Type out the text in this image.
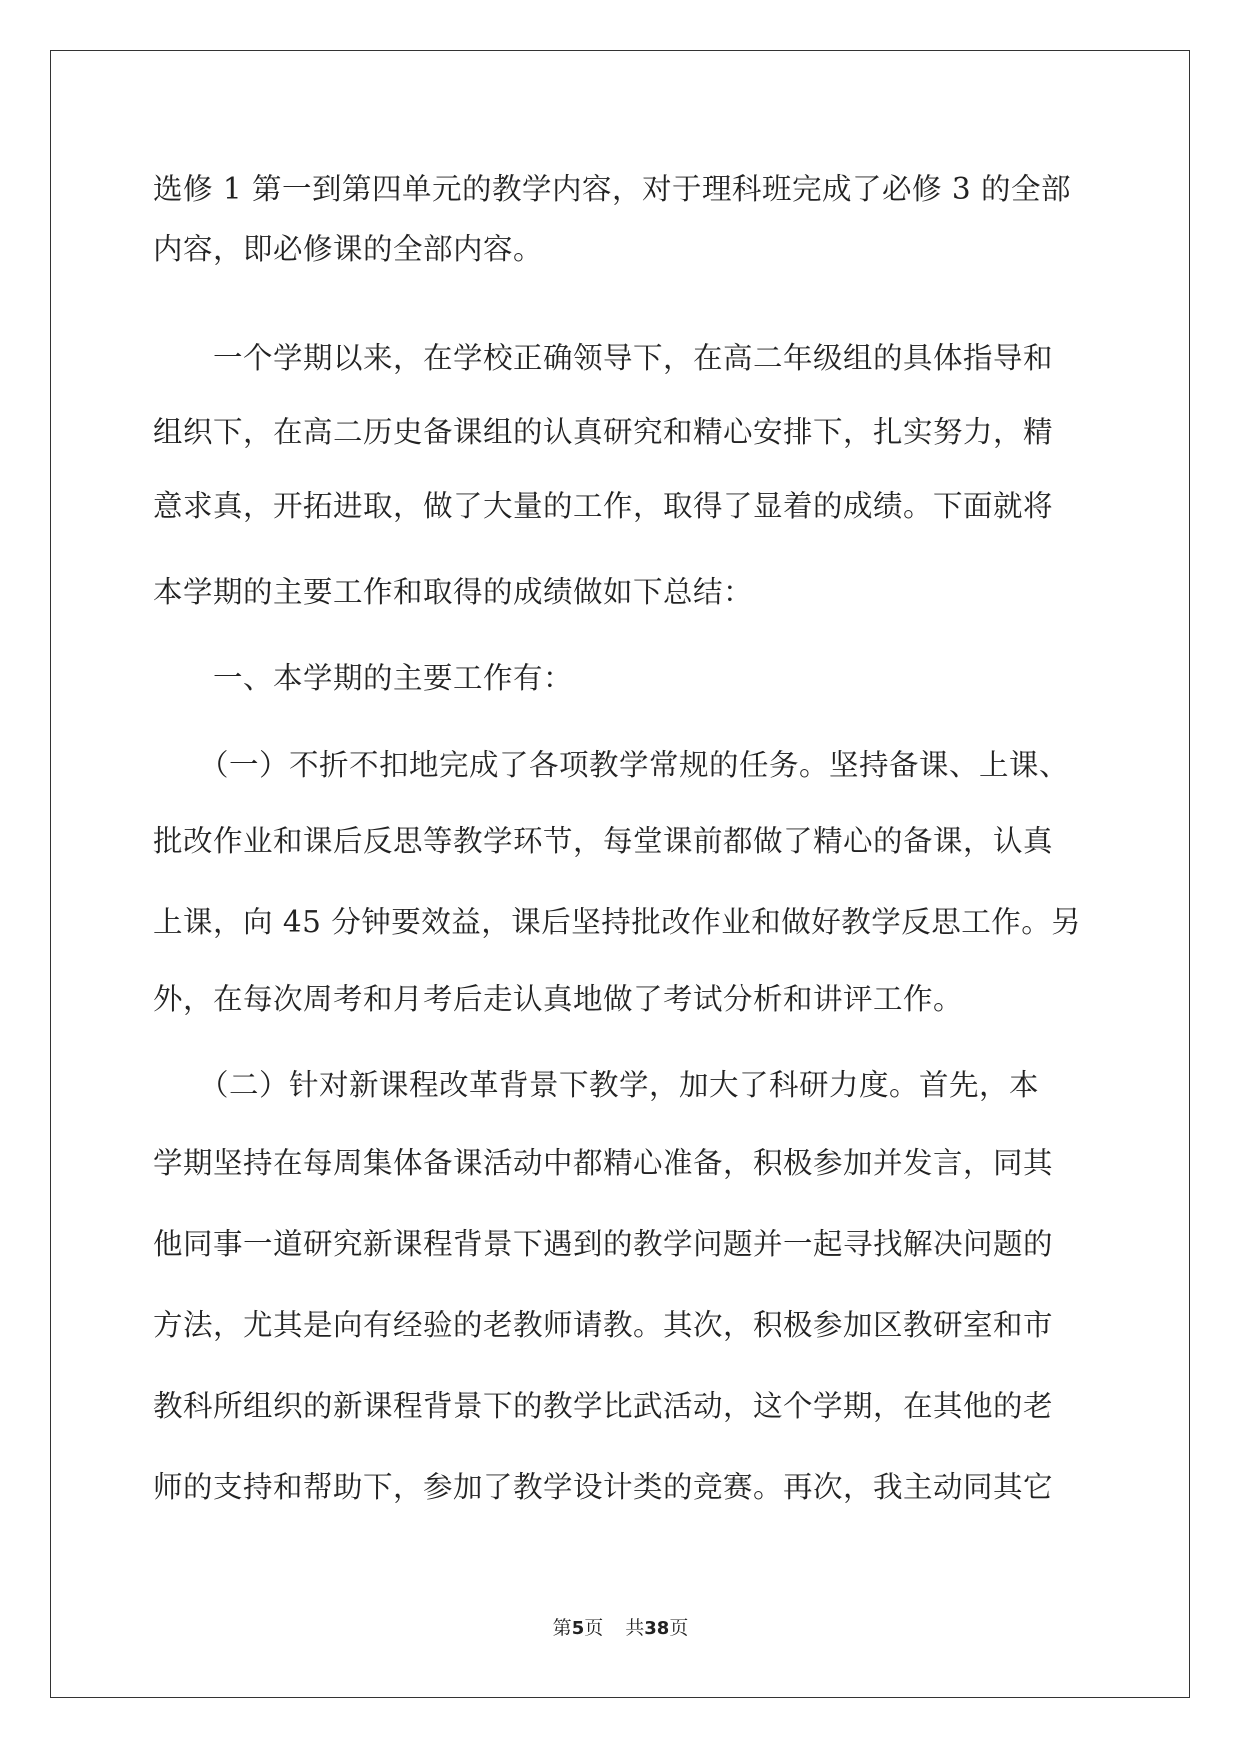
选修 1 第一到第四单元的教学内容，对于理科班完成了必修 3 的全部
内容，即必修课的全部内容。
一个学期以来，在学校正确领导下，在高二年级组的具体指导和
组织下，在高二历史备课组的认真研究和精心安排下，扎实努力，精
意求真，开拓进取，做了大量的工作，取得了显着的成绩。下面就将
本学期的主要工作和取得的成绩做如下总结：
一、本学期的主要工作有：
（一）不折不扣地完成了各项教学常规的任务。坚持备课、上课、
批改作业和课后反思等教学环节，每堂课前都做了精心的备课，认真
上课，向 45 分钟要效益，课后坚持批改作业和做好教学反思工作。另
外，在每次周考和月考后走认真地做了考试分析和讲评工作。
（二）针对新课程改革背景下教学，加大了科研力度。首先，本
学期坚持在每周集体备课活动中都精心准备，积极参加并发言，同其
他同事一道研究新课程背景下遇到的教学问题并一起寻找解决问题的
方法，尤其是向有经验的老教师请教。其次，积极参加区教研室和市
教科所组织的新课程背景下的教学比武活动，这个学期，在其他的老
师的支持和帮助下，参加了教学设计类的竞赛。再次，我主动同其它
第5页 共38页
